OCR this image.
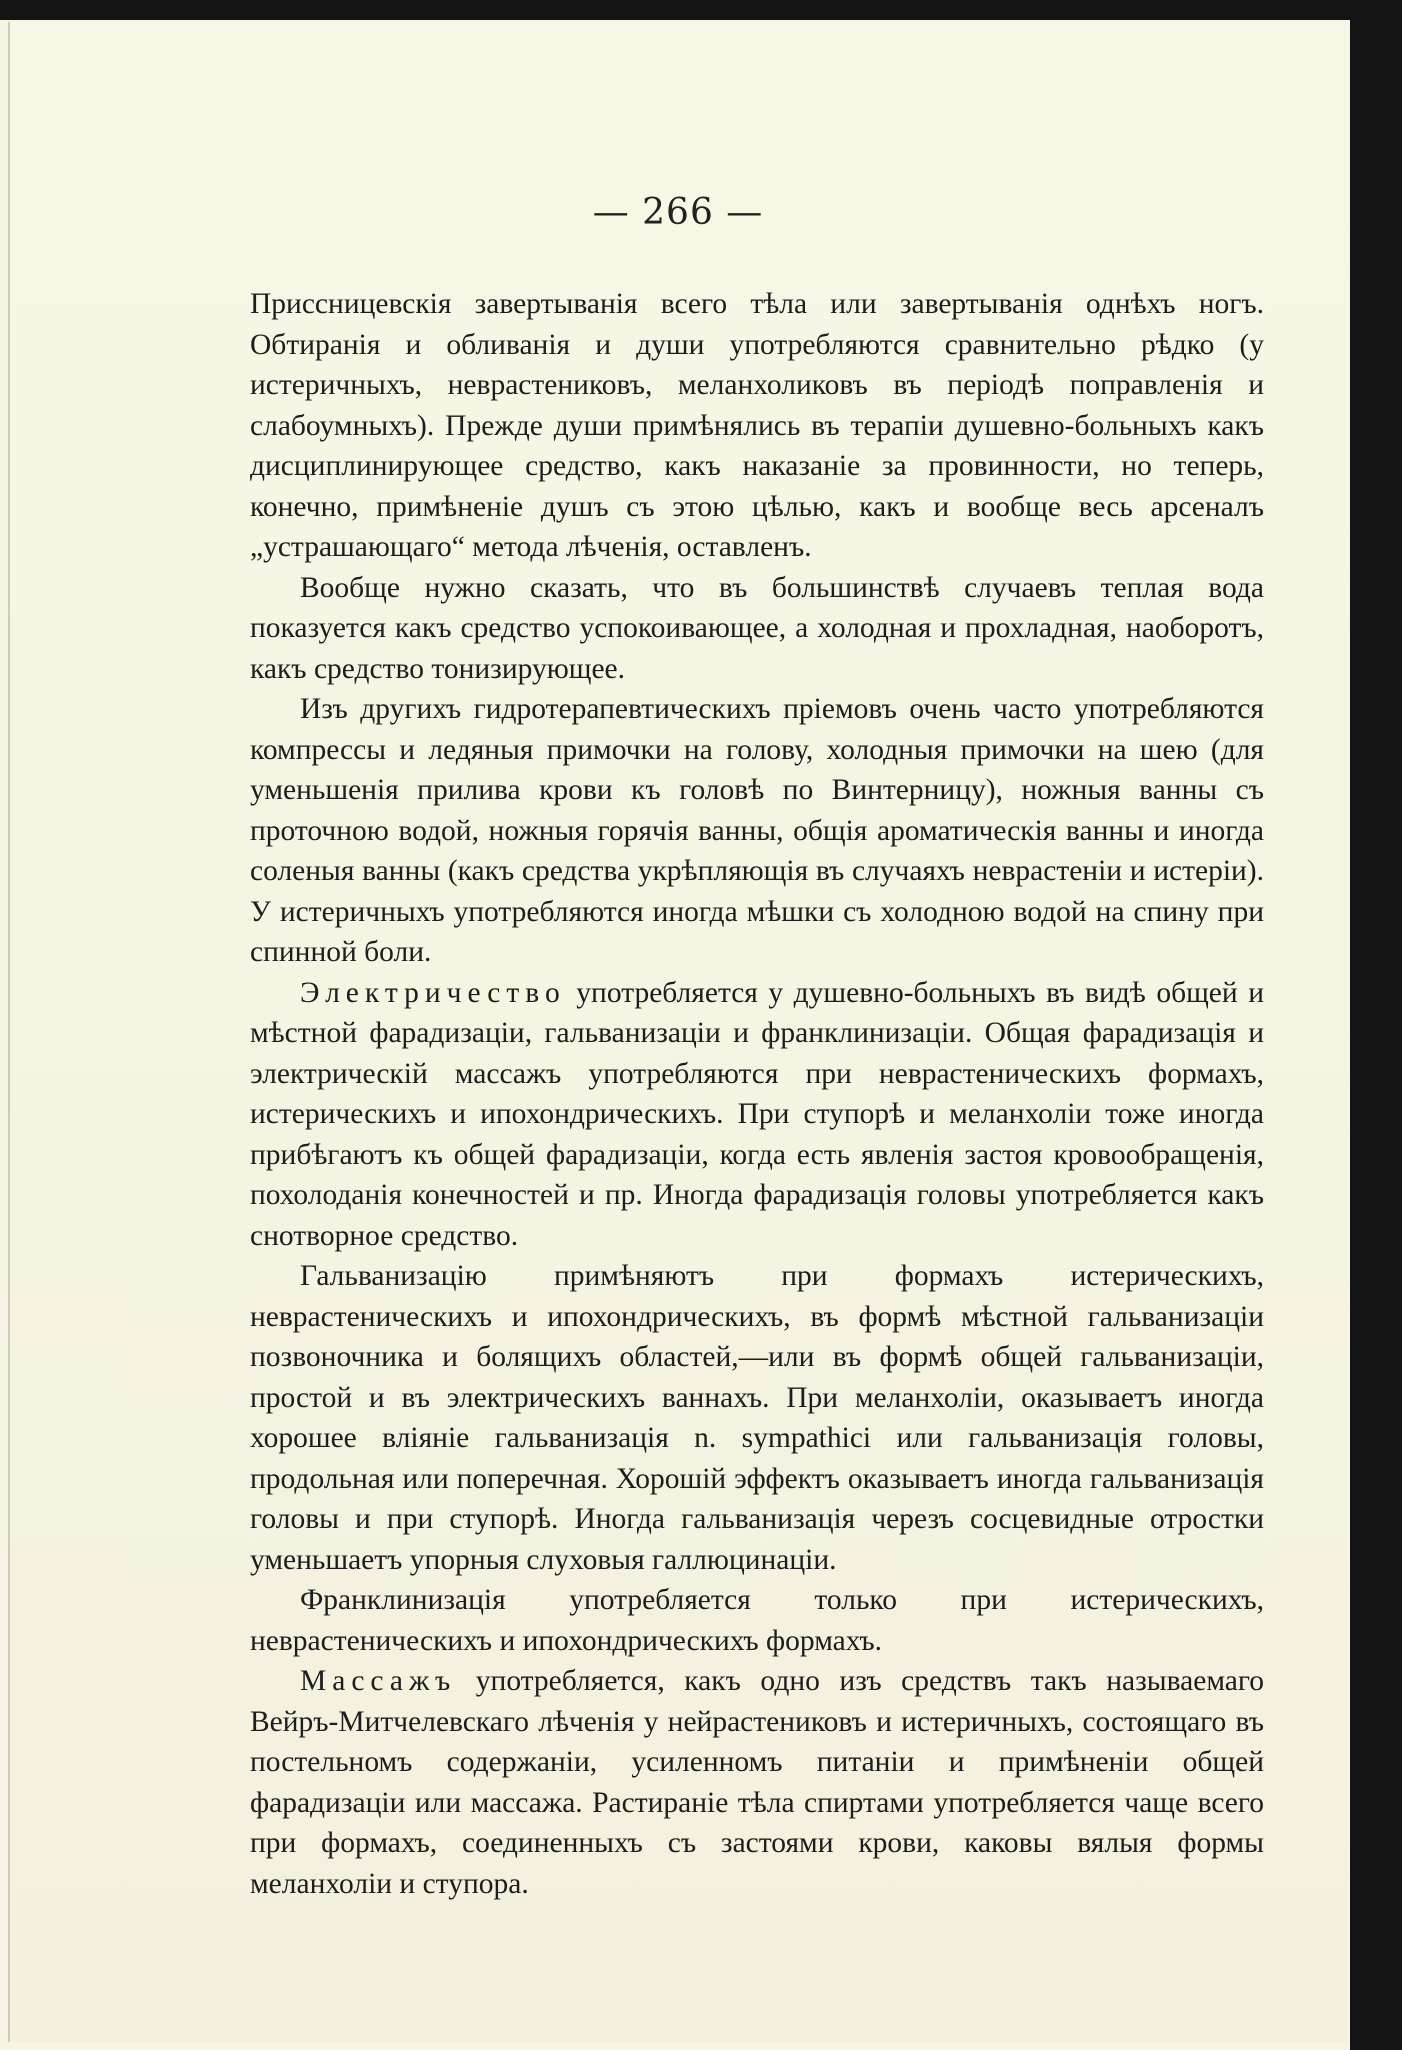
— 266 —

Приссницевскія завертыванія всего тѣла или завертыванія однѣхъ ногъ. Обтиранія и обливанія и души употребляются сравнительно рѣдко (у истеричныхъ, неврастениковъ, меланхоликовъ въ періодѣ поправленія и слабоумныхъ). Прежде души примѣнялись въ терапіи душевно-больныхъ какъ дисциплинирующее средство, какъ наказаніе за провинности, но теперь, конечно, примѣненіе душъ съ этою цѣлью, какъ и вообще весь арсеналъ „устрашающаго“ метода лѣченія, оставленъ.

Вообще нужно сказать, что въ большинствѣ случаевъ теплая вода показуется какъ средство успокоивающее, а холодная и прохладная, наоборотъ, какъ средство тонизирующее.

Изъ другихъ гидротерапевтическихъ пріемовъ очень часто употребляются компрессы и ледяныя примочки на голову, холодныя примочки на шею (для уменьшенія прилива крови къ головѣ по Винтерницу), ножныя ванны съ проточною водой, ножныя горячія ванны, общія ароматическія ванны и иногда соленыя ванны (какъ средства укрѣпляющія въ случаяхъ неврастеніи и истеріи). У истеричныхъ употребляются иногда мѣшки съ холодною водой на спину при спинной боли.

Электричество употребляется у душевно-больныхъ въ видѣ общей и мѣстной фарадизаціи, гальванизаціи и франклинизаціи. Общая фарадизація и электрическій массажъ употребляются при неврастеническихъ формахъ, истерическихъ и ипохондрическихъ. При ступорѣ и меланхоліи тоже иногда прибѣгаютъ къ общей фарадизаціи, когда есть явленія застоя кровообращенія, похолоданія конечностей и пр. Иногда фарадизація головы употребляется какъ снотворное средство.

Гальванизацію примѣняютъ при формахъ истерическихъ, неврастеническихъ и ипохондрическихъ, въ формѣ мѣстной гальванизаціи позвоночника и болящихъ областей,—или въ формѣ общей гальванизаціи, простой и въ электрическихъ ваннахъ. При меланхоліи, оказываетъ иногда хорошее вліяніе гальванизація n. sympathici или гальванизація головы, продольная или поперечная. Хорошій эффектъ оказываетъ иногда гальванизація головы и при ступорѣ. Иногда гальванизація черезъ сосцевидные отростки уменьшаетъ упорныя слуховыя галлюцинаціи.

Франклинизація употребляется только при истерическихъ, неврастеническихъ и ипохондрическихъ формахъ.

Массажъ употребляется, какъ одно изъ средствъ такъ называемаго Вейръ-Митчелевскаго лѣченія у нейрастениковъ и истеричныхъ, состоящаго въ постельномъ содержаніи, усиленномъ питаніи и примѣненіи общей фарадизаціи или массажа. Растираніе тѣла спиртами употребляется чаще всего при формахъ, соединенныхъ съ застоями крови, каковы вялыя формы меланхоліи и ступора.
